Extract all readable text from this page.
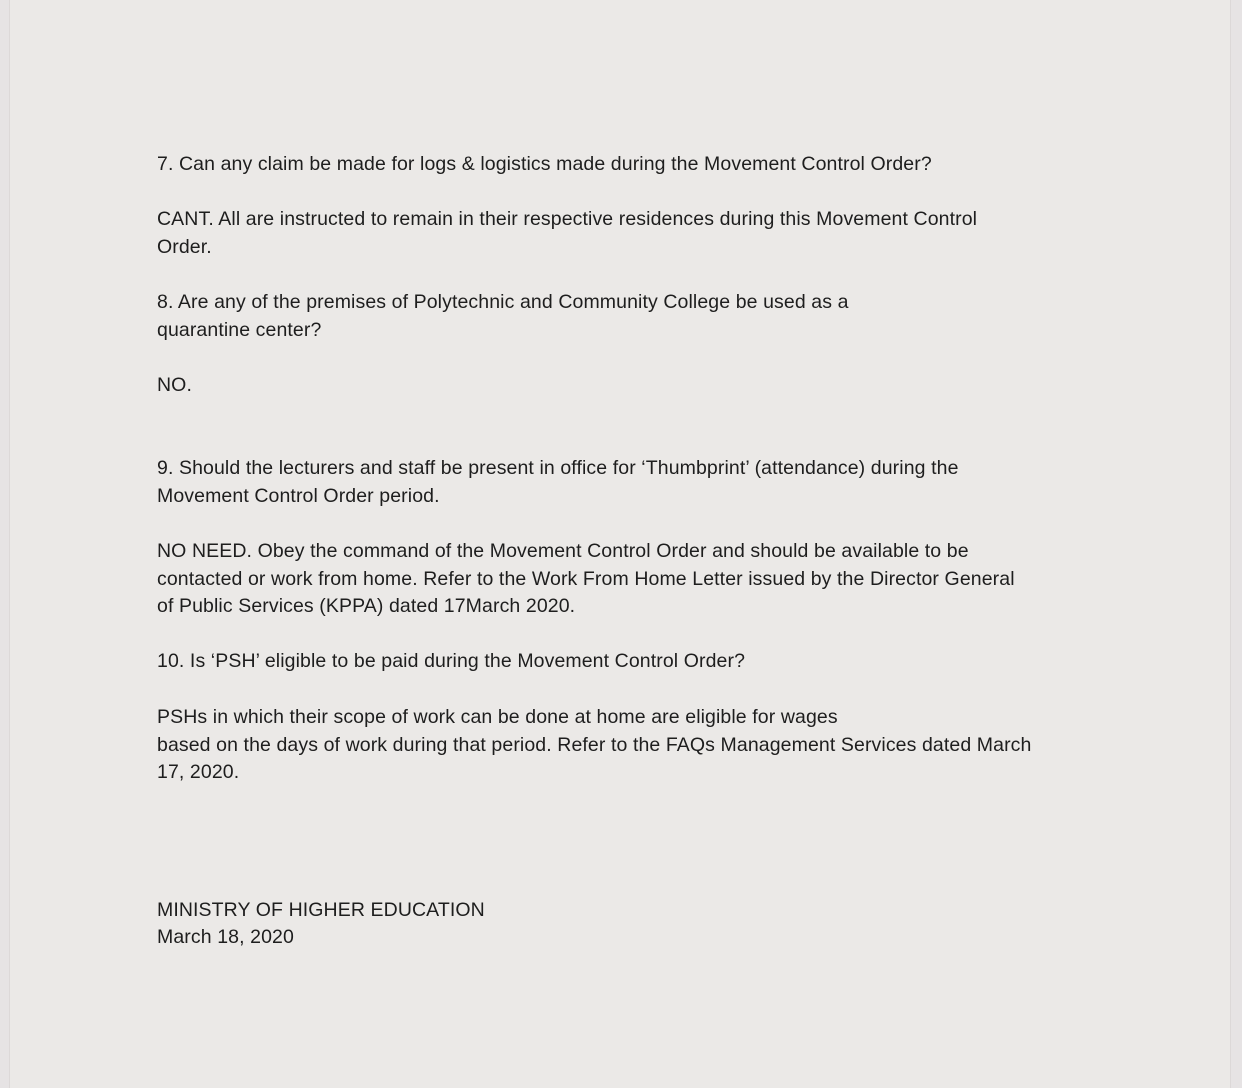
7. Can any claim be made for logs & logistics made during the Movement Control Order?
CANT. All are instructed to remain in their respective residences during this Movement Control
Order.
8. Are any of the premises of Polytechnic and Community College be used as a
quarantine center?
NO.
9. Should the lecturers and staff be present in office for ‘Thumbprint’ (attendance) during the
Movement Control Order period.
NO NEED. Obey the command of the Movement Control Order and should be available to be
contacted or work from home. Refer to the Work From Home Letter issued by the Director General
of Public Services (KPPA) dated 17March 2020.
10. Is ‘PSH’ eligible to be paid during the Movement Control Order?
PSHs in which their scope of work can be done at home are eligible for wages
based on the days of work during that period. Refer to the FAQs Management Services dated March
17, 2020.
MINISTRY OF HIGHER EDUCATION
March 18, 2020
